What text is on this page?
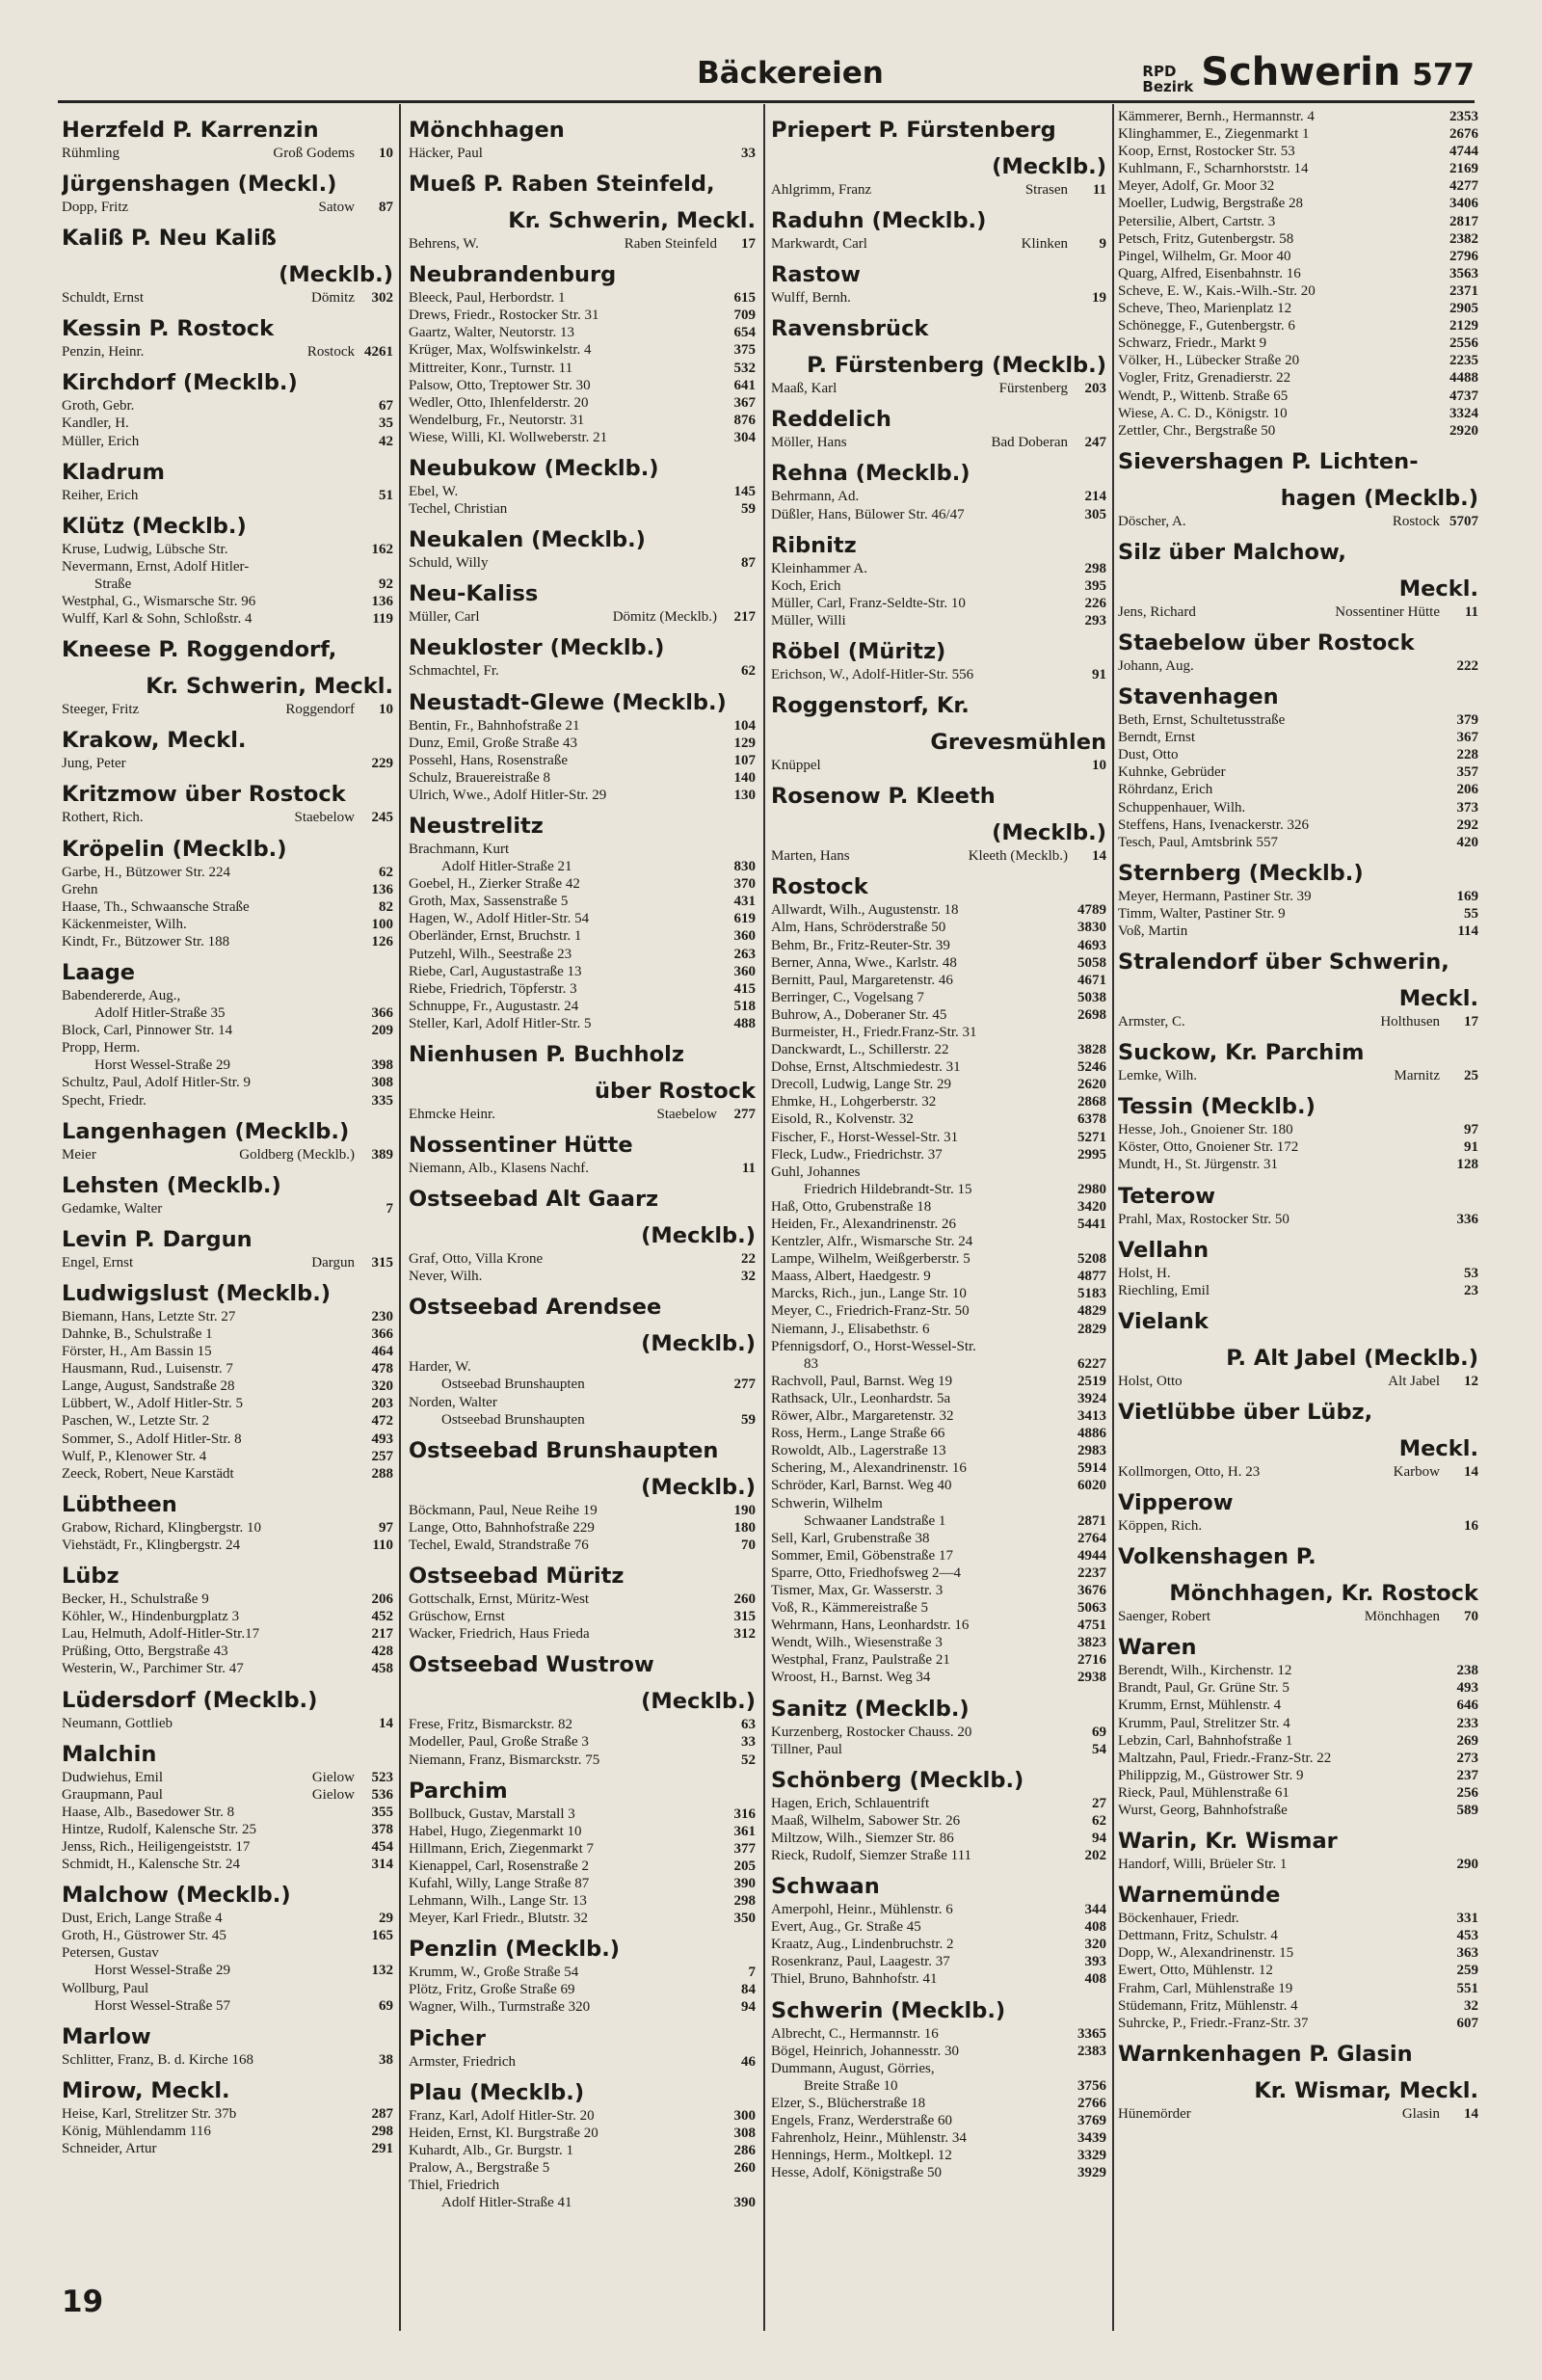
Bäckereien	RPD
Bezirk Schwerin 577
Herzfeld P. Karrenzin
Rühmling	Groß Godems 10
Jürgenshagen (Meckl.)
Dopp, Fritz	Satow 87
Kaliß P. Neu Kaliß
(Mecklb.)
Schuldt, Ernst	Dömitz 302
Kessin P. Rostock
Penzin, Heinr.	Rostock 4261
Kirchdorf (Mecklb.)
Groth, Gebr.	67
Kandler, H.	35
Müller, Erich	42
Kladrum
Reiher, Erich	51
Klütz (Mecklb.)
Kruse, Ludwig, Lübsche Str.	162
Nevermann, Ernst, Adolf Hitler-
Straße	92
Westphal, G., Wismarsche Str. 96	136
Wulff, Karl & Sohn, Schloßstr. 4	119
Kneese P. Roggendorf,
Kr. Schwerin, Meckl.
Steeger, Fritz	Roggendorf 10
Krakow, Meckl.
Jung, Peter	229
Kritzmow über Rostock
Rothert, Rich.	Staebelow 245
Kröpelin (Mecklb.)
Garbe, H., Bützower Str. 224	62
Grehn	136
Haase, Th., Schwaansche Straße	82
Käckenmeister, Wilh.	100
Kindt, Fr., Bützower Str. 188	126
Laage
Babendererde, Aug.,
Adolf Hitler-Straße 35	366
Block, Carl, Pinnower Str. 14	209
Propp, Herm.
Horst Wessel-Straße 29	398
Schultz, Paul, Adolf Hitler-Str. 9	308
Specht, Friedr.	335
Langenhagen (Mecklb.)
Meier	Goldberg (Mecklb.) 389
Lehsten (Mecklb.)
Gedamke, Walter	7
Levin P. Dargun
Engel, Ernst	Dargun 315
Ludwigslust (Mecklb.)
Biemann, Hans, Letzte Str. 27	230
Dahnke, B., Schulstraße 1	366
Förster, H., Am Bassin 15	464
Hausmann, Rud., Luisenstr. 7	478
Lange, August, Sandstraße 28	320
Lübbert, W., Adolf Hitler-Str. 5	203
Paschen, W., Letzte Str. 2	472
Sommer, S., Adolf Hitler-Str. 8	493
Wulf, P., Klenower Str. 4	257
Zeeck, Robert, Neue Karstädt	288
Lübtheen
Grabow, Richard, Klingbergstr. 10	97
Viehstädt, Fr., Klingbergstr. 24	110
Lübz
Becker, H., Schulstraße 9	206
Köhler, W., Hindenburgplatz 3	452
Lau, Helmuth, Adolf-Hitler-Str.17	217
Prüßing, Otto, Bergstraße 43	428
Westerin, W., Parchimer Str. 47	458
Lüdersdorf (Mecklb.)
Neumann, Gottlieb	14
Malchin
Dudwiehus, Emil	Gielow 523
Graupmann, Paul	Gielow 536
Haase, Alb., Basedower Str. 8	355
Hintze, Rudolf, Kalensche Str. 25	378
Jenss, Rich., Heiligengeiststr. 17	454
Schmidt, H., Kalensche Str. 24	314
Malchow (Mecklb.)
Dust, Erich, Lange Straße 4	29
Groth, H., Güstrower Str. 45	165
Petersen, Gustav
Horst Wessel-Straße 29	132
Wollburg, Paul
Horst Wessel-Straße 57	69
Marlow
Schlitter, Franz, B. d. Kirche 168	38
Mirow, Meckl.
Heise, Karl, Strelitzer Str. 37b	287
König, Mühlendamm 116	298
Schneider, Artur	291
Mönchhagen
Häcker, Paul	33
Mueß P. Raben Steinfeld,
Kr. Schwerin, Meckl.
Behrens, W.	Raben Steinfeld 17
Neubrandenburg
Bleeck, Paul, Herbordstr. 1	615
Drews, Friedr., Rostocker Str. 31	709
Gaartz, Walter, Neutorstr. 13	654
Krüger, Max, Wolfswinkelstr. 4	375
Mittreiter, Konr., Turnstr. 11	532
Palsow, Otto, Treptower Str. 30	641
Wedler, Otto, Ihlenfelderstr. 20	367
Wendelburg, Fr., Neutorstr. 31	876
Wiese, Willi, Kl. Wollweberstr. 21	304
Neubukow (Mecklb.)
Ebel, W.	145
Techel, Christian	59
Neukalen (Mecklb.)
Schuld, Willy	87
Neu-Kaliss
Müller, Carl	Dömitz (Mecklb.) 217
Neukloster (Mecklb.)
Schmachtel, Fr.	62
Neustadt-Glewe (Mecklb.)
Bentin, Fr., Bahnhofstraße 21	104
Dunz, Emil, Große Straße 43	129
Possehl, Hans, Rosenstraße	107
Schulz, Brauereistraße 8	140
Ulrich, Wwe., Adolf Hitler-Str. 29	130
Neustrelitz
Brachmann, Kurt
Adolf Hitler-Straße 21	830
Goebel, H., Zierker Straße 42	370
Groth, Max, Sassenstraße 5	431
Hagen, W., Adolf Hitler-Str. 54	619
Oberländer, Ernst, Bruchstr. 1	360
Putzehl, Wilh., Seestraße 23	263
Riebe, Carl, Augustastraße 13	360
Riebe, Friedrich, Töpferstr. 3	415
Schnuppe, Fr., Augustastr. 24	518
Steller, Karl, Adolf Hitler-Str. 5	488
Nienhusen P. Buchholz
über Rostock
Ehmcke Heinr.	Staebelow 277
Nossentiner Hütte
Niemann, Alb., Klasens Nachf.	11
Ostseebad Alt Gaarz
(Mecklb.)
Graf, Otto, Villa Krone	22
Never, Wilh.	32
Ostseebad Arendsee
(Mecklb.)
Harder, W.
Ostseebad Brunshaupten	277
Norden, Walter
Ostseebad Brunshaupten	59
Ostseebad Brunshaupten
(Mecklb.)
Böckmann, Paul, Neue Reihe 19	190
Lange, Otto, Bahnhofstraße 229	180
Techel, Ewald, Strandstraße 76	70
Ostseebad Müritz
Gottschalk, Ernst, Müritz-West	260
Grüschow, Ernst	315
Wacker, Friedrich, Haus Frieda	312
Ostseebad Wustrow
(Mecklb.)
Frese, Fritz, Bismarckstr. 82	63
Modeller, Paul, Große Straße 3	33
Niemann, Franz, Bismarckstr. 75	52
Parchim
Bollbuck, Gustav, Marstall 3	316
Habel, Hugo, Ziegenmarkt 10	361
Hillmann, Erich, Ziegenmarkt 7	377
Kienappel, Carl, Rosenstraße 2	205
Kufahl, Willy, Lange Straße 87	390
Lehmann, Wilh., Lange Str. 13	298
Meyer, Karl Friedr., Blutstr. 32	350
Penzlin (Mecklb.)
Krumm, W., Große Straße 54	7
Plötz, Fritz, Große Straße 69	84
Wagner, Wilh., Turmstraße 320	94
Picher
Armster, Friedrich	46
Plau (Mecklb.)
Franz, Karl, Adolf Hitler-Str. 20	300
Heiden, Ernst, Kl. Burgstraße 20	308
Kuhardt, Alb., Gr. Burgstr. 1	286
Pralow, A., Bergstraße 5	260
Thiel, Friedrich
Adolf Hitler-Straße 41	390
Priepert P. Fürstenberg
(Mecklb.)
Ahlgrimm, Franz	Strasen 11
Raduhn (Mecklb.)
Markwardt, Carl	Klinken 9
Rastow
Wulff, Bernh.	19
Ravensbrück
P. Fürstenberg (Mecklb.)
Maaß, Karl	Fürstenberg 203
Reddelich
Möller, Hans	Bad Doberan 247
Rehna (Mecklb.)
Behrmann, Ad.	214
Düßler, Hans, Bülower Str. 46/47	305
Ribnitz
Kleinhammer A.	298
Koch, Erich	395
Müller, Carl, Franz-Seldte-Str. 10	226
Müller, Willi	293
Röbel (Müritz)
Erichson, W., Adolf-Hitler-Str. 556	91
Roggenstorf, Kr.
Grevesmühlen
Knüppel	10
Rosenow P. Kleeth
(Mecklb.)
Marten, Hans	Kleeth (Mecklb.) 14
Rostock
Allwardt, Wilh., Augustenstr. 18	4789
Alm, Hans, Schröderstraße 50	3830
Behm, Br., Fritz-Reuter-Str. 39	4693
Berner, Anna, Wwe., Karlstr. 48	5058
Bernitt, Paul, Margaretenstr. 46	4671
Berringer, C., Vogelsang 7	5038
Buhrow, A., Doberaner Str. 45	2698
Burmeister, H., Friedr.Franz-Str. 31
Danckwardt, L., Schillerstr. 22	3828
Dohse, Ernst, Altschmiedestr. 31	5246
Drecoll, Ludwig, Lange Str. 29	2620
Ehmke, H., Lohgerberstr. 32	2868
Eisold, R., Kolvenstr. 32	6378
Fischer, F., Horst-Wessel-Str. 31	5271
Fleck, Ludw., Friedrichstr. 37	2995
Guhl, Johannes
Friedrich Hildebrandt-Str. 15	2980
Haß, Otto, Grubenstraße 18	3420
Heiden, Fr., Alexandrinenstr. 26	5441
Kentzler, Alfr., Wismarsche Str. 24
Lampe, Wilhelm, Weißgerberstr. 5	5208
Maass, Albert, Haedgestr. 9	4877
Marcks, Rich., jun., Lange Str. 10	5183
Meyer, C., Friedrich-Franz-Str. 50	4829
Niemann, J., Elisabethstr. 6	2829
Pfennigsdorf, O., Horst-Wessel-Str.
83	6227
Rachvoll, Paul, Barnst. Weg 19	2519
Rathsack, Ulr., Leonhardstr. 5a	3924
Röwer, Albr., Margaretenstr. 32	3413
Ross, Herm., Lange Straße 66	4886
Rowoldt, Alb., Lagerstraße 13	2983
Schering, M., Alexandrinenstr. 16	5914
Schröder, Karl, Barnst. Weg 40	6020
Schwerin, Wilhelm
Schwaaner Landstraße 1	2871
Sell, Karl, Grubenstraße 38	2764
Sommer, Emil, Göbenstraße 17	4944
Sparre, Otto, Friedhofsweg 2—4	2237
Tismer, Max, Gr. Wasserstr. 3	3676
Voß, R., Kämmereistraße 5	5063
Wehrmann, Hans, Leonhardstr. 16	4751
Wendt, Wilh., Wiesenstraße 3	3823
Westphal, Franz, Paulstraße 21	2716
Wroost, H., Barnst. Weg 34	2938
Sanitz (Mecklb.)
Kurzenberg, Rostocker Chauss. 20	69
Tillner, Paul	54
Schönberg (Mecklb.)
Hagen, Erich, Schlauentrift	27
Maaß, Wilhelm, Sabower Str. 26	62
Miltzow, Wilh., Siemzer Str. 86	94
Rieck, Rudolf, Siemzer Straße 111	202
Schwaan
Amerpohl, Heinr., Mühlenstr. 6	344
Evert, Aug., Gr. Straße 45	408
Kraatz, Aug., Lindenbruchstr. 2	320
Rosenkranz, Paul, Laagestr. 37	393
Thiel, Bruno, Bahnhofstr. 41	408
Schwerin (Mecklb.)
Albrecht, C., Hermannstr. 16	3365
Bögel, Heinrich, Johannesstr. 30	2383
Dummann, August, Görries,
Breite Straße 10	3756
Elzer, S., Blücherstraße 18	2766
Engels, Franz, Werderstraße 60	3769
Fahrenholz, Heinr., Mühlenstr. 34	3439
Hennings, Herm., Moltkepl. 12	3329
Hesse, Adolf, Königstraße 50	3929
Kämmerer, Bernh., Hermannstr. 4	2353
Klinghammer, E., Ziegenmarkt 1	2676
Koop, Ernst, Rostocker Str. 53	4744
Kuhlmann, F., Scharnhorststr. 14	2169
Meyer, Adolf, Gr. Moor 32	4277
Moeller, Ludwig, Bergstraße 28	3406
Petersilie, Albert, Cartstr. 3	2817
Petsch, Fritz, Gutenbergstr. 58	2382
Pingel, Wilhelm, Gr. Moor 40	2796
Quarg, Alfred, Eisenbahnstr. 16	3563
Scheve, E. W., Kais.-Wilh.-Str. 20	2371
Scheve, Theo, Marienplatz 12	2905
Schönegge, F., Gutenbergstr. 6	2129
Schwarz, Friedr., Markt 9	2556
Völker, H., Lübecker Straße 20	2235
Vogler, Fritz, Grenadierstr. 22	4488
Wendt, P., Wittenb. Straße 65	4737
Wiese, A. C. D., Königstr. 10	3324
Zettler, Chr., Bergstraße 50	2920
Sievershagen P. Lichten-
hagen (Mecklb.)
Döscher, A.	Rostock 5707
Silz über Malchow,
Meckl.
Jens, Richard	Nossentiner Hütte 11
Staebelow über Rostock
Johann, Aug.	222
Stavenhagen
Beth, Ernst, Schultetusstraße	379
Berndt, Ernst	367
Dust, Otto	228
Kuhnke, Gebrüder	357
Röhrdanz, Erich	206
Schuppenhauer, Wilh.	373
Steffens, Hans, Ivenackerstr. 326	292
Tesch, Paul, Amtsbrink 557	420
Sternberg (Mecklb.)
Meyer, Hermann, Pastiner Str. 39	169
Timm, Walter, Pastiner Str. 9	55
Voß, Martin	114
Stralendorf über Schwerin,
Meckl.
Armster, C.	Holthusen 17
Suckow, Kr. Parchim
Lemke, Wilh.	Marnitz 25
Tessin (Mecklb.)
Hesse, Joh., Gnoiener Str. 180	97
Köster, Otto, Gnoiener Str. 172	91
Mundt, H., St. Jürgenstr. 31	128
Teterow
Prahl, Max, Rostocker Str. 50	336
Vellahn
Holst, H.	53
Riechling, Emil	23
Vielank
P. Alt Jabel (Mecklb.)
Holst, Otto	Alt Jabel 12
Vietlübbe über Lübz,
Meckl.
Kollmorgen, Otto, H. 23	Karbow 14
Vipperow
Köppen, Rich.	16
Volkenshagen P.
Mönchhagen, Kr. Rostock
Saenger, Robert	Mönchhagen 70
Waren
Berendt, Wilh., Kirchenstr. 12	238
Brandt, Paul, Gr. Grüne Str. 5	493
Krumm, Ernst, Mühlenstr. 4	646
Krumm, Paul, Strelitzer Str. 4	233
Lebzin, Carl, Bahnhofstraße 1	269
Maltzahn, Paul, Friedr.-Franz-Str. 22	273
Philippzig, M., Güstrower Str. 9	237
Rieck, Paul, Mühlenstraße 61	256
Wurst, Georg, Bahnhofstraße	589
Warin, Kr. Wismar
Handorf, Willi, Brüeler Str. 1	290
Warnemünde
Böckenhauer, Friedr.	331
Dettmann, Fritz, Schulstr. 4	453
Dopp, W., Alexandrinenstr. 15	363
Ewert, Otto, Mühlenstr. 12	259
Frahm, Carl, Mühlenstraße 19	551
Stüdemann, Fritz, Mühlenstr. 4	32
Suhrcke, P., Friedr.-Franz-Str. 37	607
Warnkenhagen P. Glasin
Kr. Wismar, Meckl.
Hünemörder	Glasin 14
19
